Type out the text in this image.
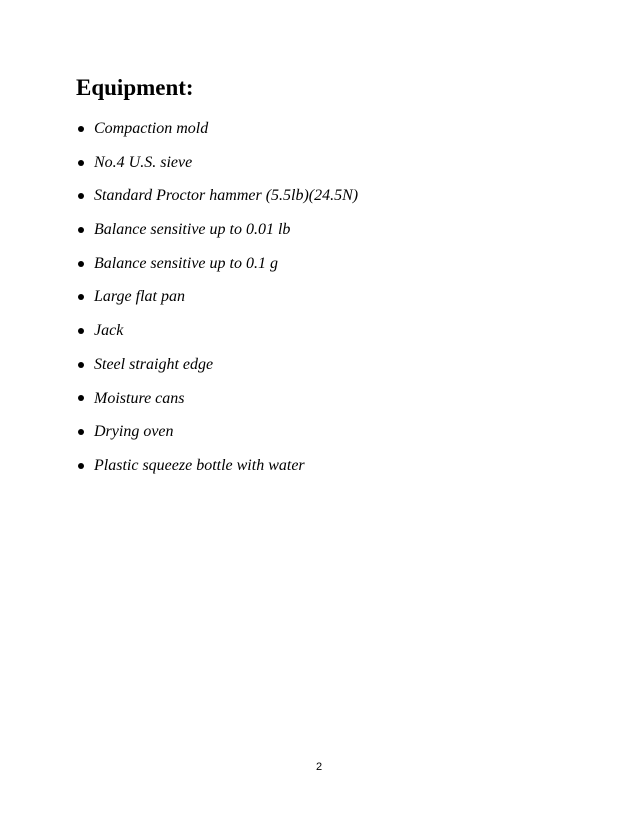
Equipment:
Compaction mold
No.4 U.S. sieve
Standard Proctor hammer (5.5lb)(24.5N)
Balance sensitive up to 0.01 lb
Balance sensitive up to 0.1 g
Large flat pan
Jack
Steel straight edge
Moisture cans
Drying oven
Plastic squeeze bottle with water
2
